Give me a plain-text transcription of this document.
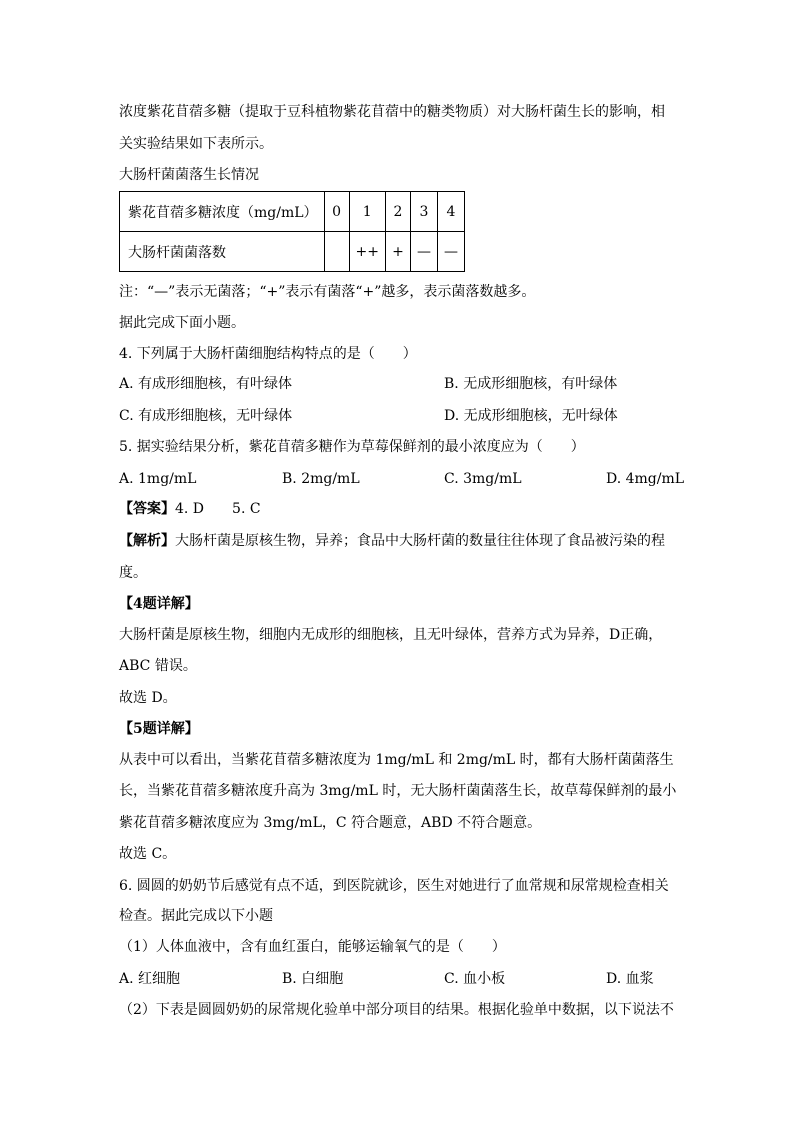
浓度紫花苜蓿多糖（提取于豆科植物紫花苜蓿中的糖类物质）对大肠杆菌生长的影响，相
关实验结果如下表所示。
大肠杆菌菌落生长情况
紫花苜蓿多糖浓度（mg/mL）	0	1	2	3	4
大肠杆菌菌落数		++	+	—	—
注：“—”表示无菌落；“+”表示有菌落“+”越多，表示菌落数越多。
据此完成下面小题。
4. 下列属于大肠杆菌细胞结构特点的是（　　）
A. 有成形细胞核，有叶绿体	B. 无成形细胞核，有叶绿体
C. 有成形细胞核，无叶绿体	D. 无成形细胞核，无叶绿体
5. 据实验结果分析，紫花苜蓿多糖作为草莓保鲜剂的最小浓度应为（　　）
A. 1mg/mL	B. 2mg/mL	C. 3mg/mL	D. 4mg/mL
【答案】4. D　　5. C
【解析】大肠杆菌是原核生物，异养；食品中大肠杆菌的数量往往体现了食品被污染的程
度。
【4题详解】
大肠杆菌是原核生物，细胞内无成形的细胞核，且无叶绿体，营养方式为异养，D正确，
ABC 错误。
故选 D。
【5题详解】
从表中可以看出，当紫花苜蓿多糖浓度为 1mg/mL 和 2mg/mL 时，都有大肠杆菌菌落生
长，当紫花苜蓿多糖浓度升高为 3mg/mL 时，无大肠杆菌菌落生长，故草莓保鲜剂的最小
紫花苜蓿多糖浓度应为 3mg/mL，C 符合题意，ABD 不符合题意。
故选 C。
6. 圆圆的奶奶节后感觉有点不适，到医院就诊，医生对她进行了血常规和尿常规检查相关
检查。据此完成以下小题
（1）人体血液中，含有血红蛋白，能够运输氧气的是（　　）
A. 红细胞	B. 白细胞	C. 血小板	D. 血浆
（2）下表是圆圆奶奶的尿常规化验单中部分项目的结果。根据化验单中数据，以下说法不
